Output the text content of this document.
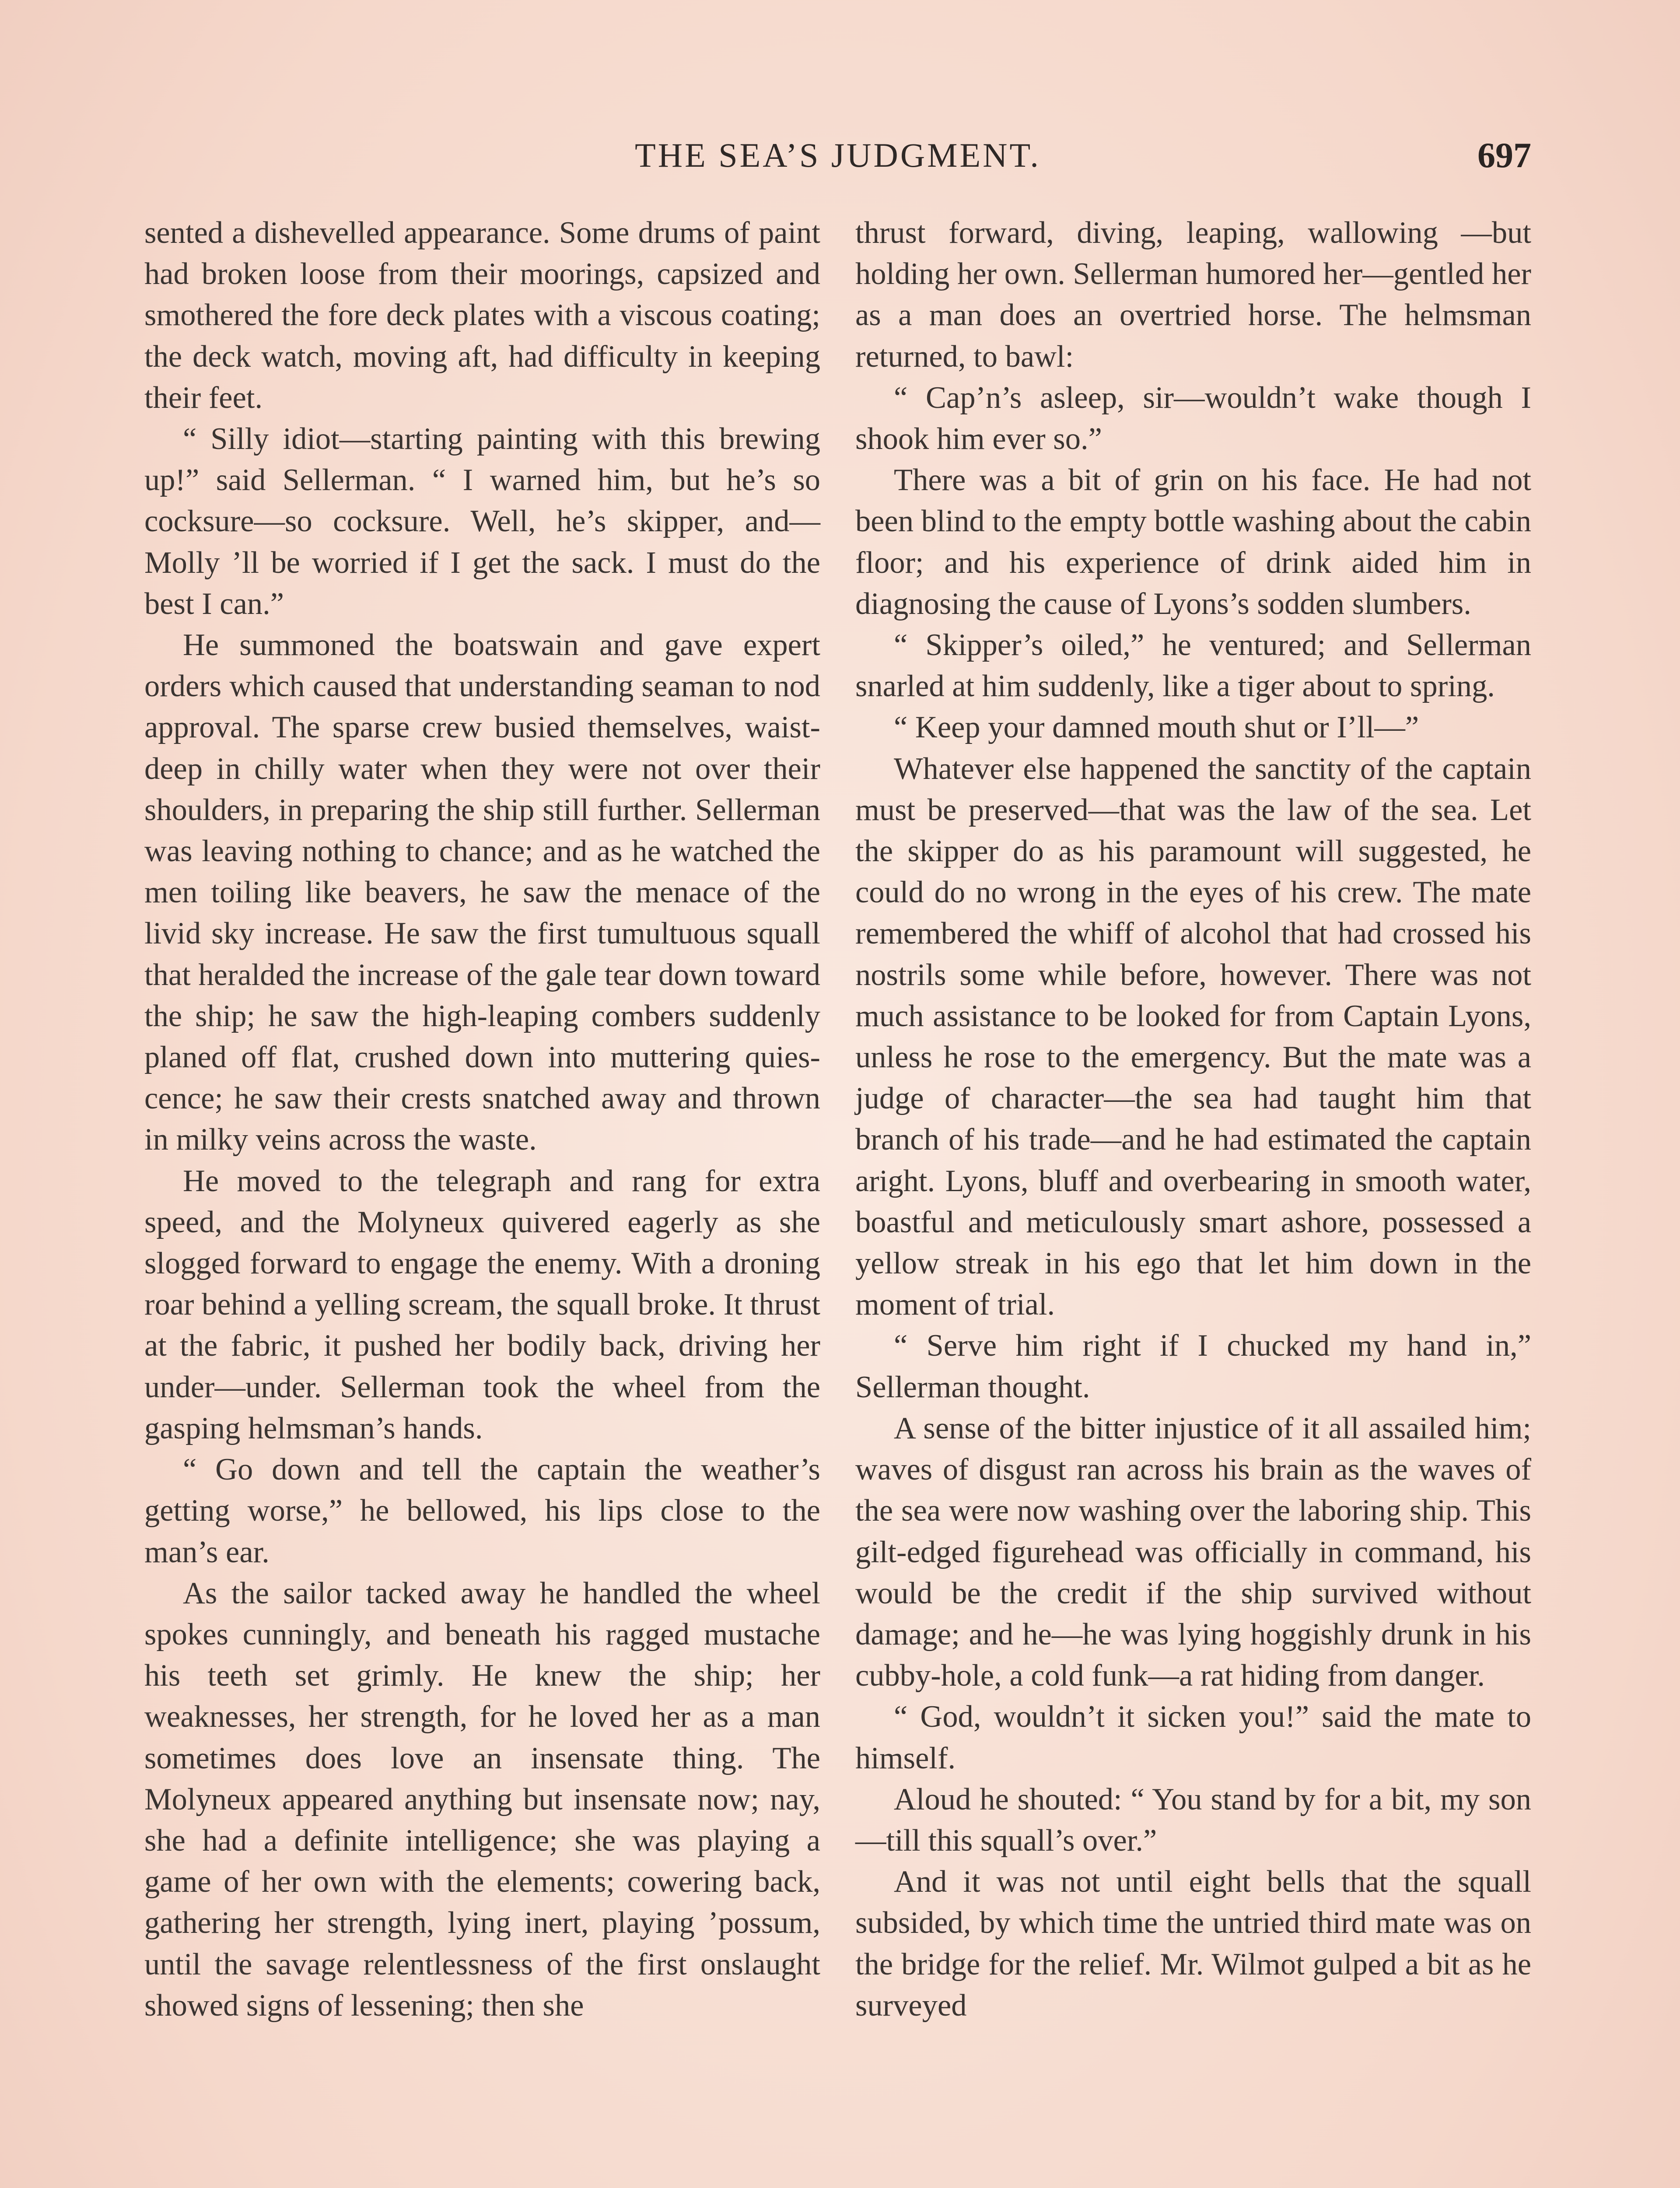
THE SEA’S JUDGMENT.	697

sented a dishevelled appearance. Some drums of paint had broken loose from their moorings, capsized and smothered the fore deck plates with a viscous coating; the deck watch, moving aft, had difficulty in keeping their feet.

“ Silly idiot—starting painting with this brewing up!” said Sellerman. “ I warned him, but he’s so cocksure—so cocksure. Well, he’s skipper, and—Molly ’ll be worried if I get the sack. I must do the best I can.”

He summoned the boatswain and gave expert orders which caused that understanding seaman to nod approval. The sparse crew busied themselves, waist-deep in chilly water when they were not over their shoulders, in preparing the ship still further. Sellerman was leaving nothing to chance; and as he watched the men toiling like beavers, he saw the menace of the livid sky increase. He saw the first tumultuous squall that heralded the increase of the gale tear down toward the ship; he saw the high-leaping combers suddenly planed off flat, crushed down into muttering quiescence; he saw their crests snatched away and thrown in milky veins across the waste.

He moved to the telegraph and rang for extra speed, and the Molyneux quivered eagerly as she slogged forward to engage the enemy. With a droning roar behind a yelling scream, the squall broke. It thrust at the fabric, it pushed her bodily back, driving her under—under. Sellerman took the wheel from the gasping helmsman’s hands.

“ Go down and tell the captain the weather’s getting worse,” he bellowed, his lips close to the man’s ear.

As the sailor tacked away he handled the wheel spokes cunningly, and beneath his ragged mustache his teeth set grimly. He knew the ship; her weaknesses, her strength, for he loved her as a man sometimes does love an insensate thing. The Molyneux appeared anything but insensate now; nay, she had a definite intelligence; she was playing a game of her own with the elements; cowering back, gathering her strength, lying inert, playing ’possum, until the savage relentlessness of the first onslaught showed signs of lessening; then she

thrust forward, diving, leaping, wallowing —but holding her own. Sellerman humored her—gentled her as a man does an overtried horse. The helmsman returned, to bawl:

“ Cap’n’s asleep, sir—wouldn’t wake though I shook him ever so.”

There was a bit of grin on his face. He had not been blind to the empty bottle washing about the cabin floor; and his experience of drink aided him in diagnosing the cause of Lyons’s sodden slumbers.

“ Skipper’s oiled,” he ventured; and Sellerman snarled at him suddenly, like a tiger about to spring.

“ Keep your damned mouth shut or I’ll—”

Whatever else happened the sanctity of the captain must be preserved—that was the law of the sea. Let the skipper do as his paramount will suggested, he could do no wrong in the eyes of his crew. The mate remembered the whiff of alcohol that had crossed his nostrils some while before, however. There was not much assistance to be looked for from Captain Lyons, unless he rose to the emergency. But the mate was a judge of character—the sea had taught him that branch of his trade—and he had estimated the captain aright. Lyons, bluff and overbearing in smooth water, boastful and meticulously smart ashore, possessed a yellow streak in his ego that let him down in the moment of trial.

“ Serve him right if I chucked my hand in,” Sellerman thought.

A sense of the bitter injustice of it all assailed him; waves of disgust ran across his brain as the waves of the sea were now washing over the laboring ship. This gilt-edged figurehead was officially in command, his would be the credit if the ship survived without damage; and he—he was lying hoggishly drunk in his cubby-hole, a cold funk—a rat hiding from danger.

“ God, wouldn’t it sicken you!” said the mate to himself.

Aloud he shouted: “ You stand by for a bit, my son—till this squall’s over.”

And it was not until eight bells that the squall subsided, by which time the untried third mate was on the bridge for the relief. Mr. Wilmot gulped a bit as he surveyed
